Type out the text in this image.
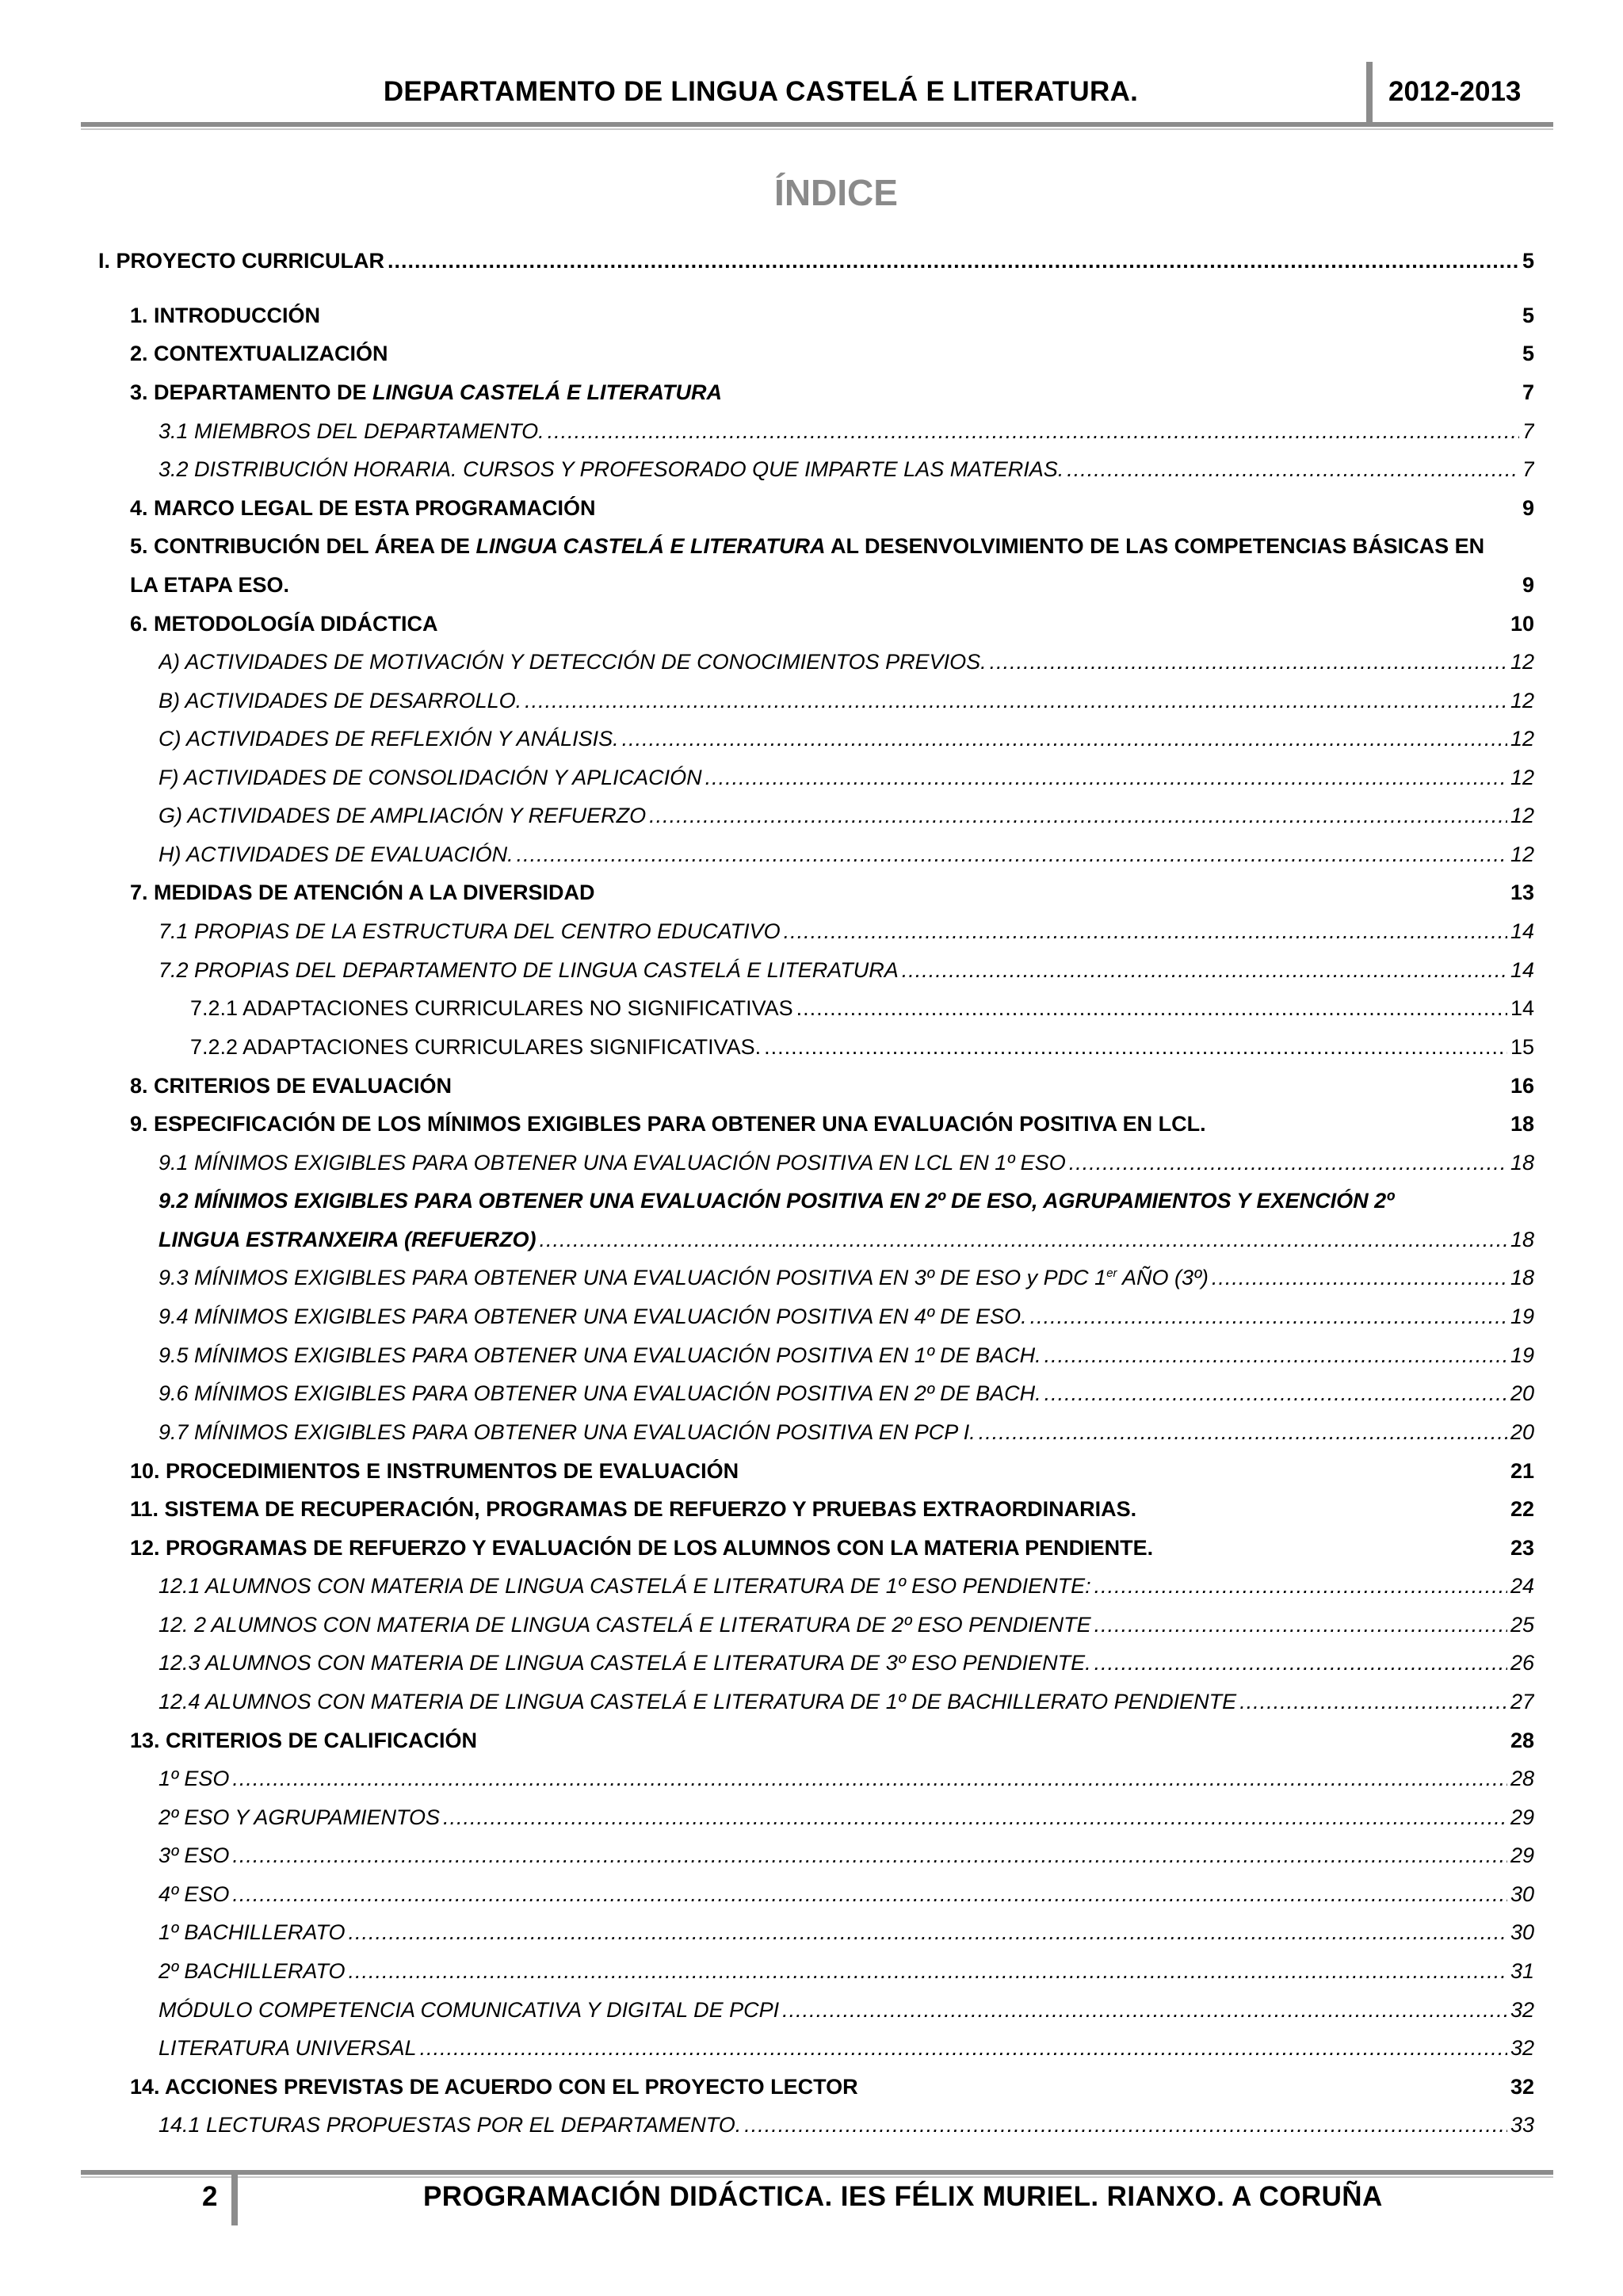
DEPARTAMENTO DE LINGUA CASTELÁ E LITERATURA.	2012-2013
ÍNDICE
I. PROYECTO CURRICULAR .....	5
1. INTRODUCCIÓN	5
2. CONTEXTUALIZACIÓN	5
3. DEPARTAMENTO DE LINGUA CASTELÁ E LITERATURA	7
3.1 MIEMBROS DEL DEPARTAMENTO. .....	7
3.2 DISTRIBUCIÓN HORARIA. CURSOS Y PROFESORADO QUE IMPARTE LAS MATERIAS. .....	7
4. MARCO LEGAL DE ESTA PROGRAMACIÓN	9
5. CONTRIBUCIÓN DEL ÁREA DE LINGUA CASTELÁ E LITERATURA AL DESENVOLVIMIENTO DE LAS COMPETENCIAS BÁSICAS EN
LA ETAPA ESO.	9
6. METODOLOGÍA DIDÁCTICA	10
A) ACTIVIDADES DE MOTIVACIÓN Y DETECCIÓN DE CONOCIMIENTOS PREVIOS. .....	12
B) ACTIVIDADES DE DESARROLLO. .....	12
C) ACTIVIDADES DE REFLEXIÓN Y ANÁLISIS. .....	12
F) ACTIVIDADES DE CONSOLIDACIÓN Y APLICACIÓN .....	12
G) ACTIVIDADES DE AMPLIACIÓN Y REFUERZO .....	12
H) ACTIVIDADES DE EVALUACIÓN. .....	12
7. MEDIDAS DE ATENCIÓN A LA DIVERSIDAD	13
7.1 PROPIAS DE LA ESTRUCTURA DEL CENTRO EDUCATIVO .....	14
7.2 PROPIAS DEL DEPARTAMENTO DE LINGUA CASTELÁ E LITERATURA .....	14
7.2.1 ADAPTACIONES CURRICULARES NO SIGNIFICATIVAS .....	14
7.2.2 ADAPTACIONES CURRICULARES SIGNIFICATIVAS. .....	15
8. CRITERIOS DE EVALUACIÓN	16
9. ESPECIFICACIÓN DE LOS MÍNIMOS EXIGIBLES PARA OBTENER UNA EVALUACIÓN POSITIVA EN LCL.	18
9.1 MÍNIMOS EXIGIBLES PARA OBTENER UNA EVALUACIÓN POSITIVA EN LCL EN 1º ESO .....	18
9.2 MÍNIMOS EXIGIBLES PARA OBTENER UNA EVALUACIÓN POSITIVA EN 2º DE ESO, AGRUPAMIENTOS Y EXENCIÓN 2º
LINGUA ESTRANXEIRA (REFUERZO) .....	18
9.3 MÍNIMOS EXIGIBLES PARA OBTENER UNA EVALUACIÓN POSITIVA EN 3º DE ESO y PDC 1er AÑO (3º) .....	18
9.4 MÍNIMOS EXIGIBLES PARA OBTENER UNA EVALUACIÓN POSITIVA EN 4º DE ESO. .....	19
9.5 MÍNIMOS EXIGIBLES PARA OBTENER UNA EVALUACIÓN POSITIVA EN 1º DE BACH. .....	19
9.6 MÍNIMOS EXIGIBLES PARA OBTENER UNA EVALUACIÓN POSITIVA EN 2º DE BACH. .....	20
9.7 MÍNIMOS EXIGIBLES PARA OBTENER UNA EVALUACIÓN POSITIVA EN PCP I. .....	20
10. PROCEDIMIENTOS E INSTRUMENTOS DE EVALUACIÓN	21
11. SISTEMA DE RECUPERACIÓN, PROGRAMAS DE REFUERZO Y PRUEBAS EXTRAORDINARIAS.	22
12. PROGRAMAS DE REFUERZO Y EVALUACIÓN DE LOS ALUMNOS CON LA MATERIA PENDIENTE.	23
12.1 ALUMNOS CON MATERIA DE LINGUA CASTELÁ E LITERATURA DE 1º ESO PENDIENTE: .....	24
12. 2 ALUMNOS CON MATERIA DE LINGUA CASTELÁ E LITERATURA DE 2º ESO PENDIENTE .....	25
12.3 ALUMNOS CON MATERIA DE LINGUA CASTELÁ E LITERATURA DE 3º ESO PENDIENTE. .....	26
12.4 ALUMNOS CON MATERIA DE LINGUA CASTELÁ E LITERATURA DE 1º DE BACHILLERATO PENDIENTE .....	27
13. CRITERIOS DE CALIFICACIÓN	28
1º ESO .....	28
2º ESO Y AGRUPAMIENTOS .....	29
3º ESO .....	29
4º ESO .....	30
1º BACHILLERATO .....	30
2º BACHILLERATO .....	31
MÓDULO COMPETENCIA COMUNICATIVA Y DIGITAL DE PCPI .....	32
LITERATURA UNIVERSAL .....	32
14. ACCIONES PREVISTAS DE ACUERDO CON EL PROYECTO LECTOR	32
14.1 LECTURAS PROPUESTAS POR EL DEPARTAMENTO. .....	33
2	PROGRAMACIÓN DIDÁCTICA. IES FÉLIX MURIEL. RIANXO. A CORUÑA
